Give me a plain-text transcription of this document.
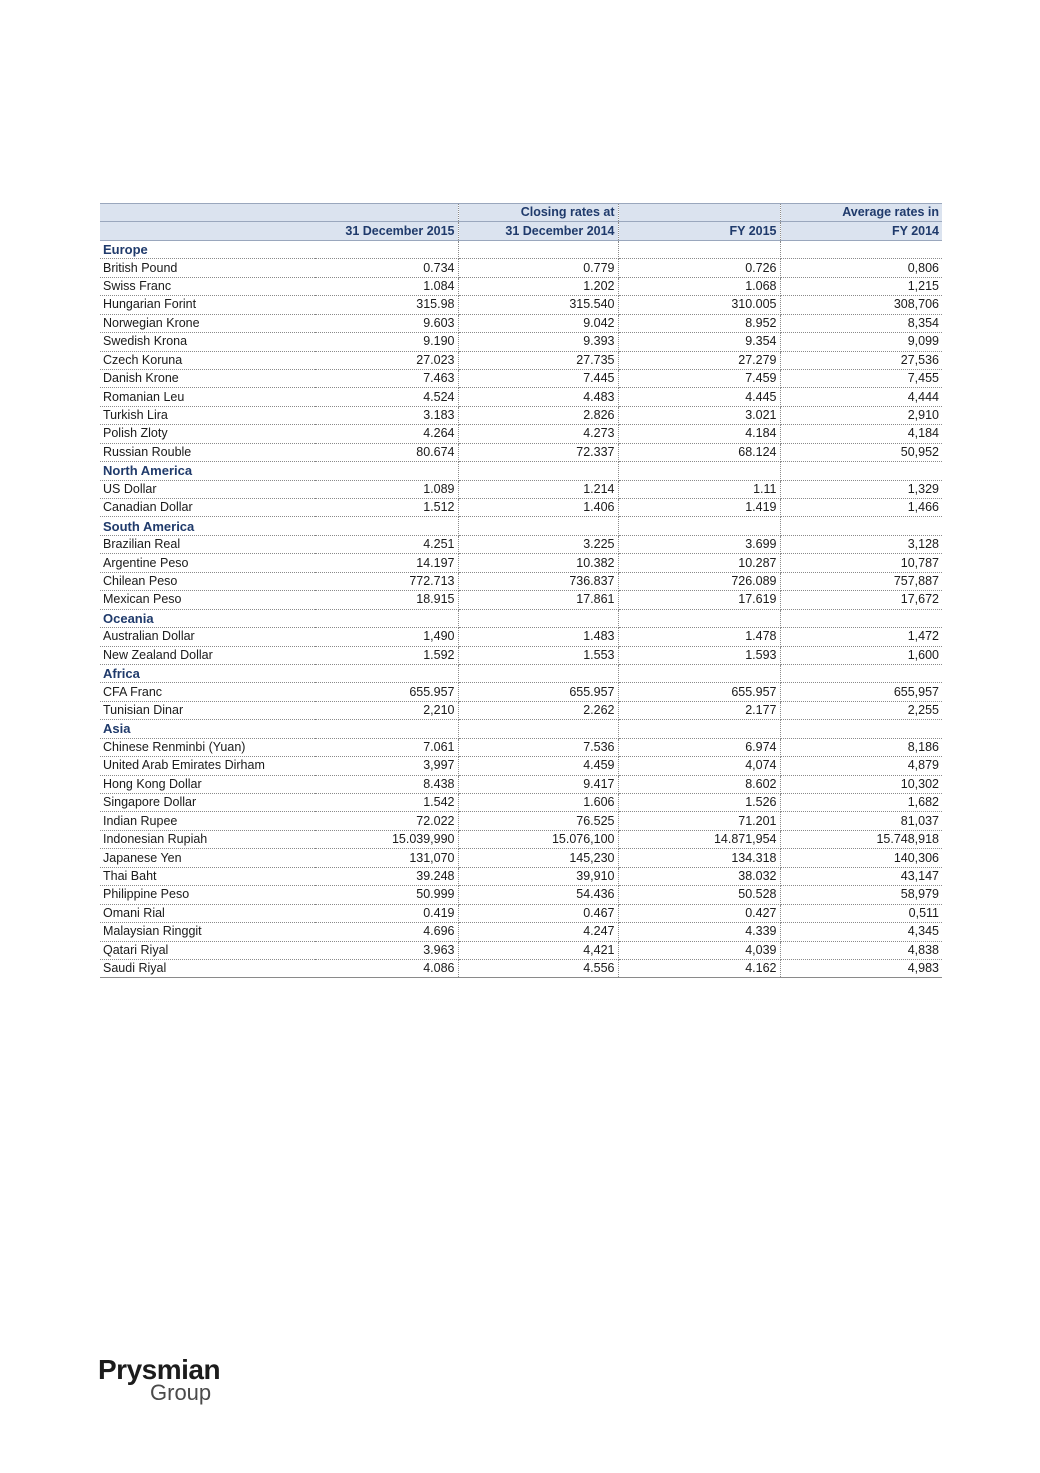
		Closing rates at		Average rates in
	31 December 2015	31 December 2014	FY 2015	FY 2014
Europe				
British Pound	0.734	0.779	0.726	0,806
Swiss Franc	1.084	1.202	1.068	1,215
Hungarian Forint	315.98	315.540	310.005	308,706
Norwegian Krone	9.603	9.042	8.952	8,354
Swedish Krona	9.190	9.393	9.354	9,099
Czech Koruna	27.023	27.735	27.279	27,536
Danish Krone	7.463	7.445	7.459	7,455
Romanian Leu	4.524	4.483	4.445	4,444
Turkish Lira	3.183	2.826	3.021	2,910
Polish Zloty	4.264	4.273	4.184	4,184
Russian Rouble	80.674	72.337	68.124	50,952
North America				
US Dollar	1.089	1.214	1.11	1,329
Canadian Dollar	1.512	1.406	1.419	1,466
South America				
Brazilian Real	4.251	3.225	3.699	3,128
Argentine Peso	14.197	10.382	10.287	10,787
Chilean Peso	772.713	736.837	726.089	757,887
Mexican Peso	18.915	17.861	17.619	17,672
Oceania				
Australian Dollar	1,490	1.483	1.478	1,472
New Zealand Dollar	1.592	1.553	1.593	1,600
Africa				
CFA Franc	655.957	655.957	655.957	655,957
Tunisian Dinar	2,210	2.262	2.177	2,255
Asia				
Chinese Renminbi (Yuan)	7.061	7.536	6.974	8,186
United Arab Emirates Dirham	3,997	4.459	4,074	4,879
Hong Kong Dollar	8.438	9.417	8.602	10,302
Singapore Dollar	1.542	1.606	1.526	1,682
Indian Rupee	72.022	76.525	71.201	81,037
Indonesian Rupiah	15.039,990	15.076,100	14.871,954	15.748,918
Japanese Yen	131,070	145,230	134.318	140,306
Thai Baht	39.248	39,910	38.032	43,147
Philippine Peso	50.999	54.436	50.528	58,979
Omani Rial	0.419	0.467	0.427	0,511
Malaysian Ringgit	4.696	4.247	4.339	4,345
Qatari Riyal	3.963	4,421	4,039	4,838
Saudi Riyal	4.086	4.556	4.162	4,983
Prysmian
Group
